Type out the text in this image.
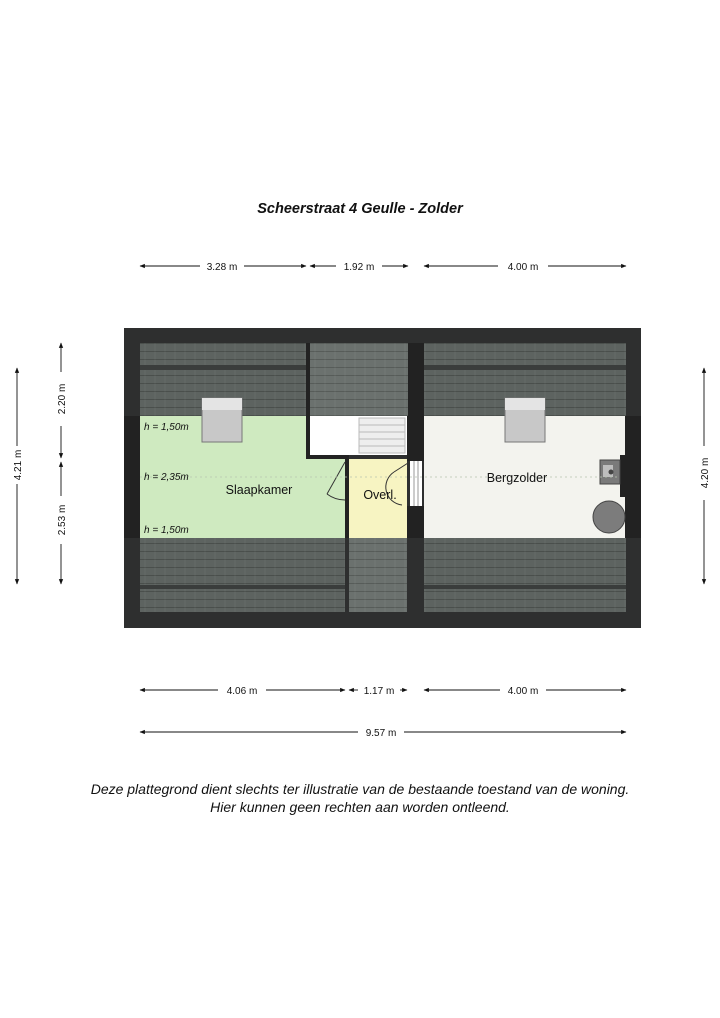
Scheerstraat 4 Geulle - Zolder
Slaapkamer	Overl.
Bergzolder
h = 1,50m
h = 2,35m
h = 1,50m
3.28 m	1.92 m	4.00 m
4.06 m	1.17 m	4.00 m
9.57 m
4.21 m
2.20 m
2.53 m
4.20 m
Deze plattegrond dient slechts ter illustratie van de bestaande toestand van de woning.
Hier kunnen geen rechten aan worden ontleend.
